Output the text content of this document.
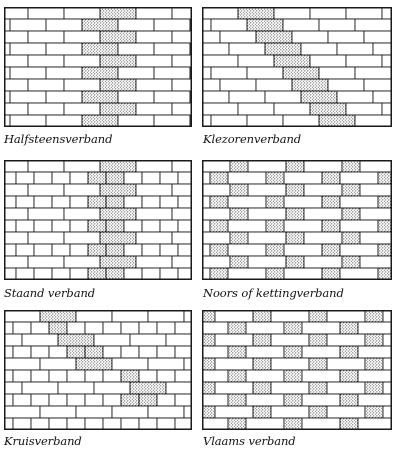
Halfsteensverband	Klezorenverband
Staand verband	Noors of kettingverband
Kruisverband	Vlaams verband
